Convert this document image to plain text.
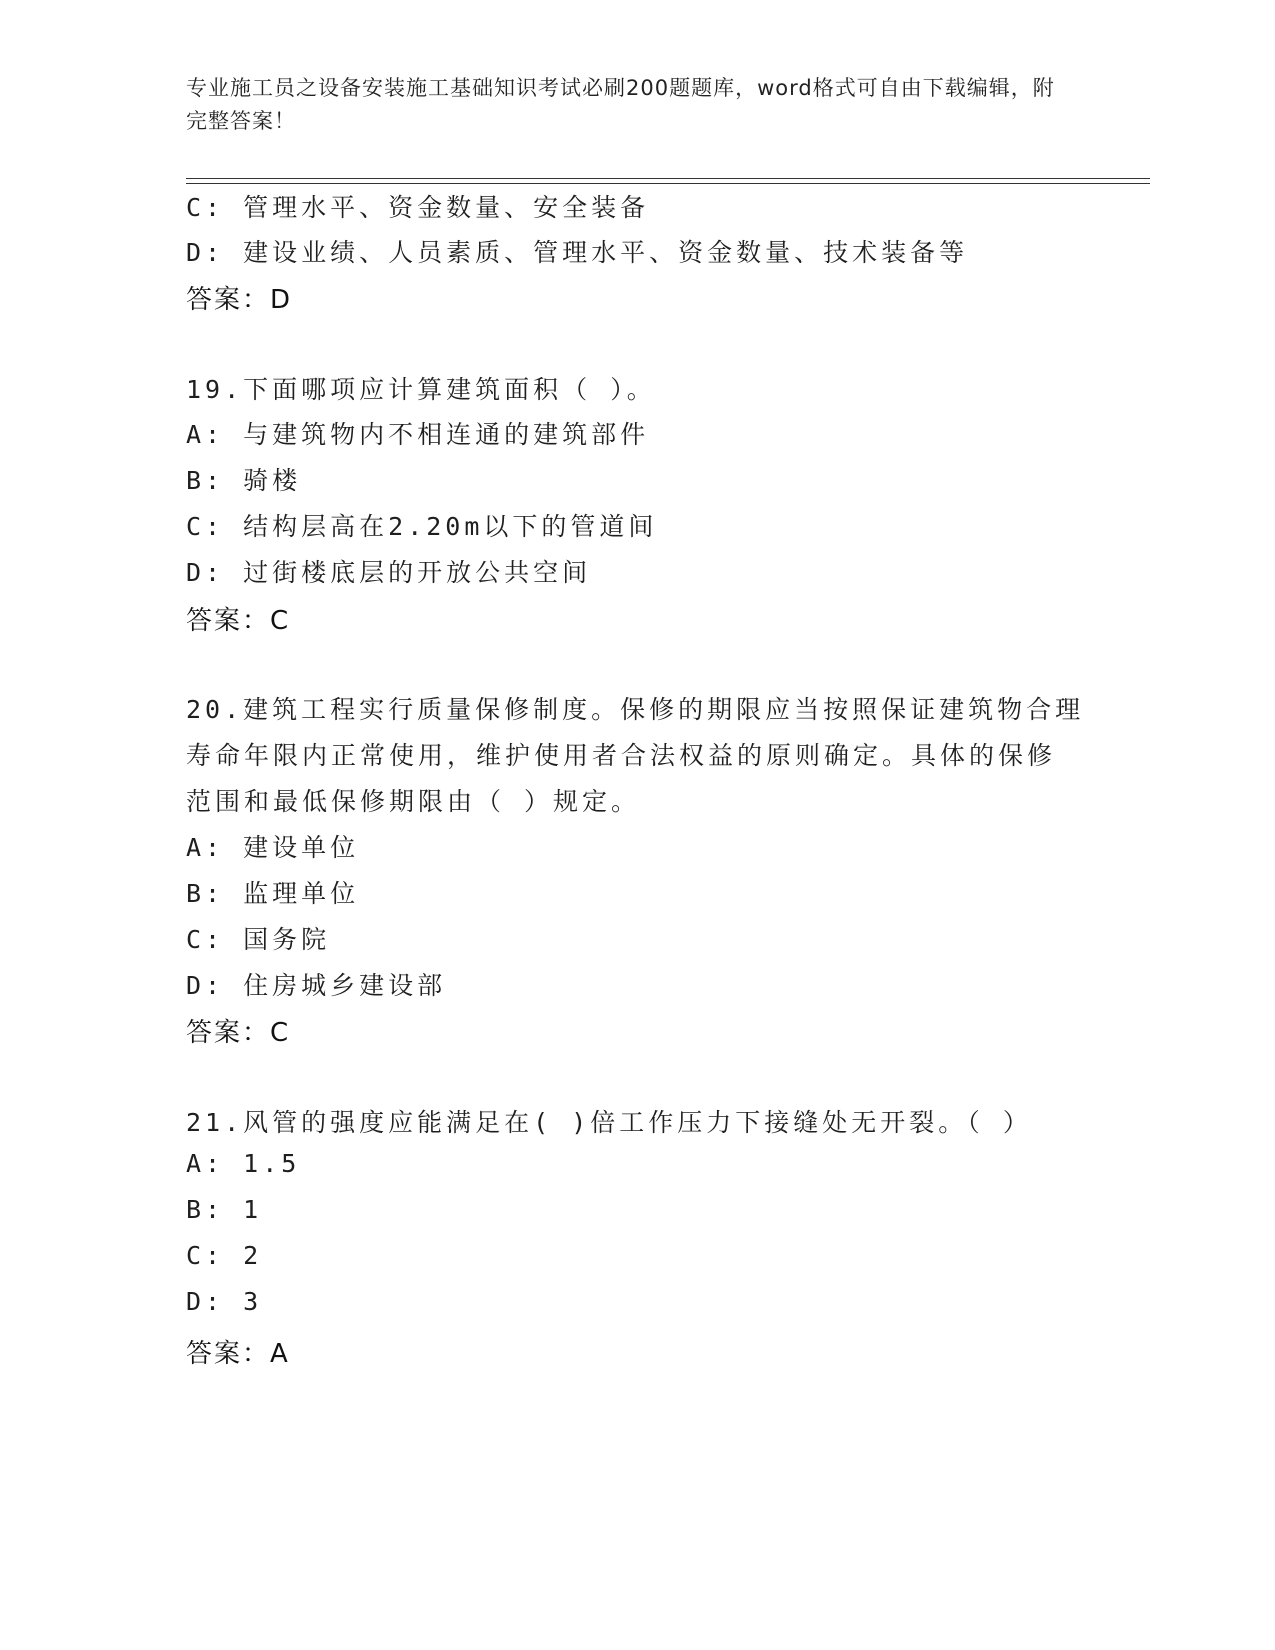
专业施工员之设备安装施工基础知识考试必刷200题题库，word格式可自由下载编辑，附完整答案！
C: 管理水平、资金数量、安全装备
D: 建设业绩、人员素质、管理水平、资金数量、技术装备等
答案：D
19.下面哪项应计算建筑面积（ ）。
A: 与建筑物内不相连通的建筑部件
B: 骑楼
C: 结构层高在2.20m以下的管道间
D: 过街楼底层的开放公共空间
答案：C
20.建筑工程实行质量保修制度。保修的期限应当按照保证建筑物合理
寿命年限内正常使用，维护使用者合法权益的原则确定。具体的保修
范围和最低保修期限由（ ）规定。
A: 建设单位
B: 监理单位
C: 国务院
D: 住房城乡建设部
答案：C
21.风管的强度应能满足在( )倍工作压力下接缝处无开裂。（ ）
A: 1.5
B: 1
C: 2
D: 3
答案：A
